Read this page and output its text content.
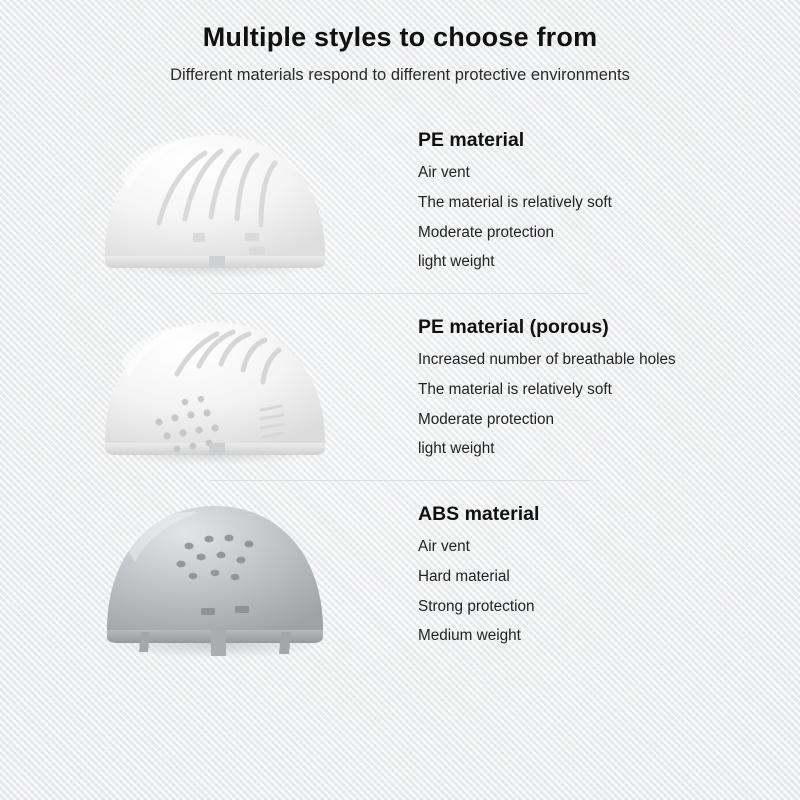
Multiple styles to choose from

Different materials respond to different protective environments

PE material
Air vent
The material is relatively soft
Moderate protection
light weight
PE material (porous)
Increased number of breathable holes
The material is relatively soft
Moderate protection
light weight
ABS material
Air vent
Hard material
Strong protection
Medium weight
